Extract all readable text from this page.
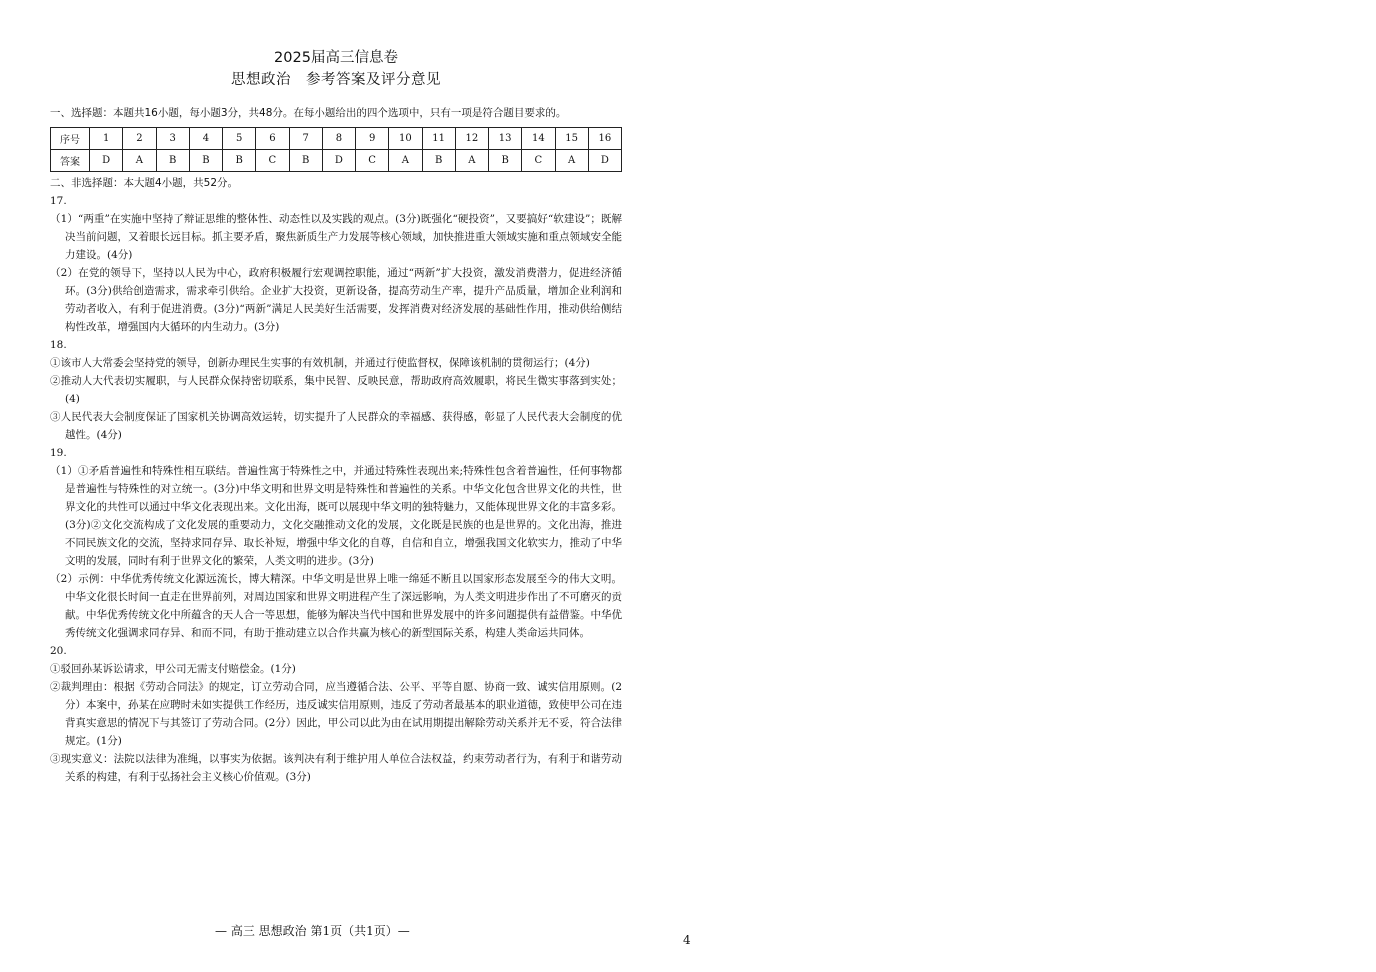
2025届高三信息卷
思想政治　参考答案及评分意见
一、选择题：本题共16小题，每小题3分，共48分。在每小题给出的四个选项中，只有一项是符合题目要求的。
序号	1	2	3	4	5	6	7	8	9	10	11	12	13	14	15	16
答案	D	A	B	B	B	C	B	D	C	A	B	A	B	C	A	D
二、非选择题：本大题4小题，共52分。
17.
（1）“两重”在实施中坚持了辩证思维的整体性、动态性以及实践的观点。(3分)既强化“硬投资”，又要搞好“软建设”；既解决当前问题，又着眼长远目标。抓主要矛盾，聚焦新质生产力发展等核心领域，加快推进重大领域实施和重点领域安全能力建设。(4分)
（2）在党的领导下，坚持以人民为中心，政府积极履行宏观调控职能，通过“两新”扩大投资，激发消费潜力，促进经济循环。(3分)供给创造需求，需求牵引供给。企业扩大投资，更新设备，提高劳动生产率，提升产品质量，增加企业利润和劳动者收入，有利于促进消费。(3分)“两新”满足人民美好生活需要，发挥消费对经济发展的基础性作用，推动供给侧结构性改革，增强国内大循环的内生动力。(3分)
18.
①该市人大常委会坚持党的领导，创新办理民生实事的有效机制，并通过行使监督权，保障该机制的贯彻运行；(4分)
②推动人大代表切实履职，与人民群众保持密切联系，集中民智、反映民意，帮助政府高效履职，将民生微实事落到实处；(4)
③人民代表大会制度保证了国家机关协调高效运转，切实提升了人民群众的幸福感、获得感，彰显了人民代表大会制度的优越性。(4分)
19.
（1）①矛盾普遍性和特殊性相互联结。普遍性寓于特殊性之中，并通过特殊性表现出来;特殊性包含着普遍性，任何事物都是普遍性与特殊性的对立统一。(3分)中华文明和世界文明是特殊性和普遍性的关系。中华文化包含世界文化的共性，世界文化的共性可以通过中华文化表现出来。文化出海，既可以展现中华文明的独特魅力，又能体现世界文化的丰富多彩。(3分)②文化交流构成了文化发展的重要动力，文化交融推动文化的发展，文化既是民族的也是世界的。文化出海，推进不同民族文化的交流，坚持求同存异、取长补短，增强中华文化的自尊，自信和自立，增强我国文化软实力，推动了中华文明的发展，同时有利于世界文化的繁荣，人类文明的进步。(3分)
（2）示例：中华优秀传统文化源远流长，博大精深。中华文明是世界上唯一绵延不断且以国家形态发展至今的伟大文明。中华文化很长时间一直走在世界前列，对周边国家和世界文明进程产生了深远影响，为人类文明进步作出了不可磨灭的贡献。中华优秀传统文化中所蕴含的天人合一等思想，能够为解决当代中国和世界发展中的许多问题提供有益借鉴。中华优秀传统文化强调求同存异、和而不同，有助于推动建立以合作共赢为核心的新型国际关系，构建人类命运共同体。
20.
①驳回孙某诉讼请求，甲公司无需支付赔偿金。(1分)
②裁判理由：根据《劳动合同法》的规定，订立劳动合同，应当遵循合法、公平、平等自愿、协商一致、诚实信用原则。(2分）本案中，孙某在应聘时未如实提供工作经历，违反诚实信用原则，违反了劳动者最基本的职业道德，致使甲公司在违背真实意思的情况下与其签订了劳动合同。(2分）因此，甲公司以此为由在试用期提出解除劳动关系并无不妥，符合法律规定。(1分)
③现实意义：法院以法律为准绳，以事实为依据。该判决有利于维护用人单位合法权益，约束劳动者行为，有利于和谐劳动关系的构建，有利于弘扬社会主义核心价值观。(3分)
— 高三 思想政治 第1页（共1页）—
4
